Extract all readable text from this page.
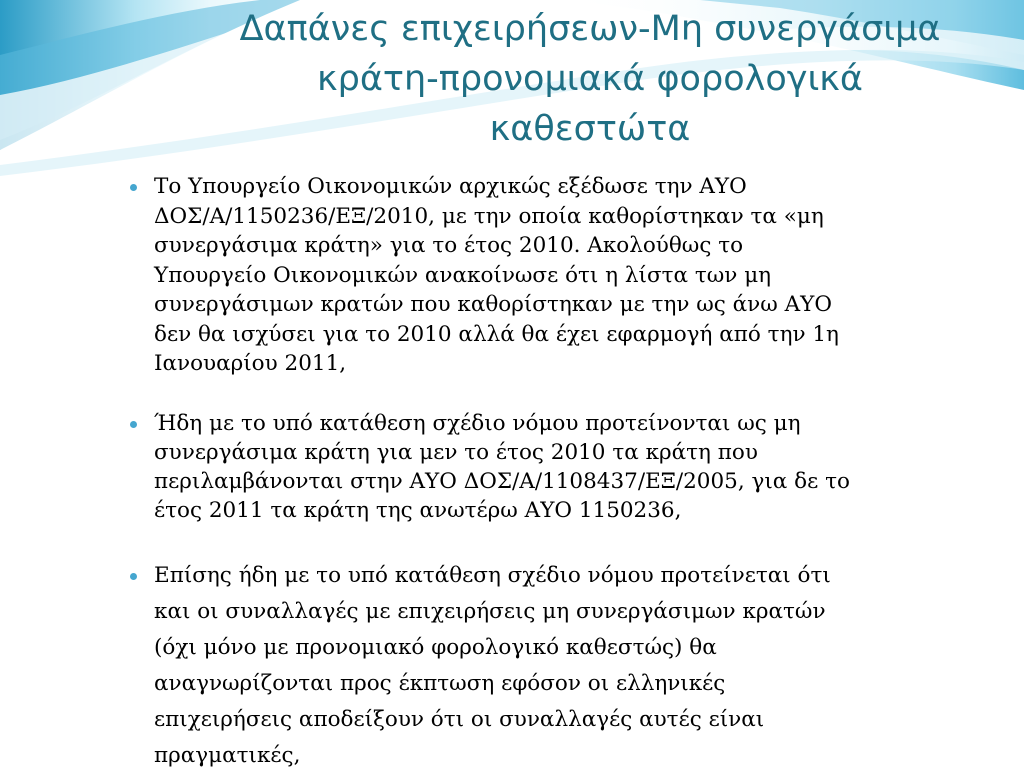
Δαπάνες επιχειρήσεων-Μη συνεργάσιμα
κράτη-προνομιακά φορολογικά
καθεστώτα
Το Υπουργείο Οικονομικών αρχικώς εξέδωσε την ΑΥΟ
ΔΟΣ/Α/1150236/ΕΞ/2010, με την οποία καθορίστηκαν τα «μη
συνεργάσιμα κράτη» για το έτος 2010. Ακολούθως το
Υπουργείο Οικονομικών ανακοίνωσε ότι η λίστα των μη
συνεργάσιμων κρατών που καθορίστηκαν με την ως άνω ΑΥΟ
δεν θα ισχύσει για το 2010 αλλά θα έχει εφαρμογή από την 1η
Ιανουαρίου 2011,
Ήδη με το υπό κατάθεση σχέδιο νόμου προτείνονται ως μη
συνεργάσιμα κράτη για μεν το έτος 2010 τα κράτη που
περιλαμβάνονται στην ΑΥΟ ΔΟΣ/Α/1108437/ΕΞ/2005, για δε το
έτος 2011 τα κράτη της ανωτέρω ΑΥΟ 1150236,
Επίσης ήδη με το υπό κατάθεση σχέδιο νόμου προτείνεται ότι
και οι συναλλαγές με επιχειρήσεις μη συνεργάσιμων κρατών
(όχι μόνο με προνομιακό φορολογικό καθεστώς) θα
αναγνωρίζονται προς έκπτωση εφόσον οι ελληνικές
επιχειρήσεις αποδείξουν ότι οι συναλλαγές αυτές είναι
πραγματικές,
